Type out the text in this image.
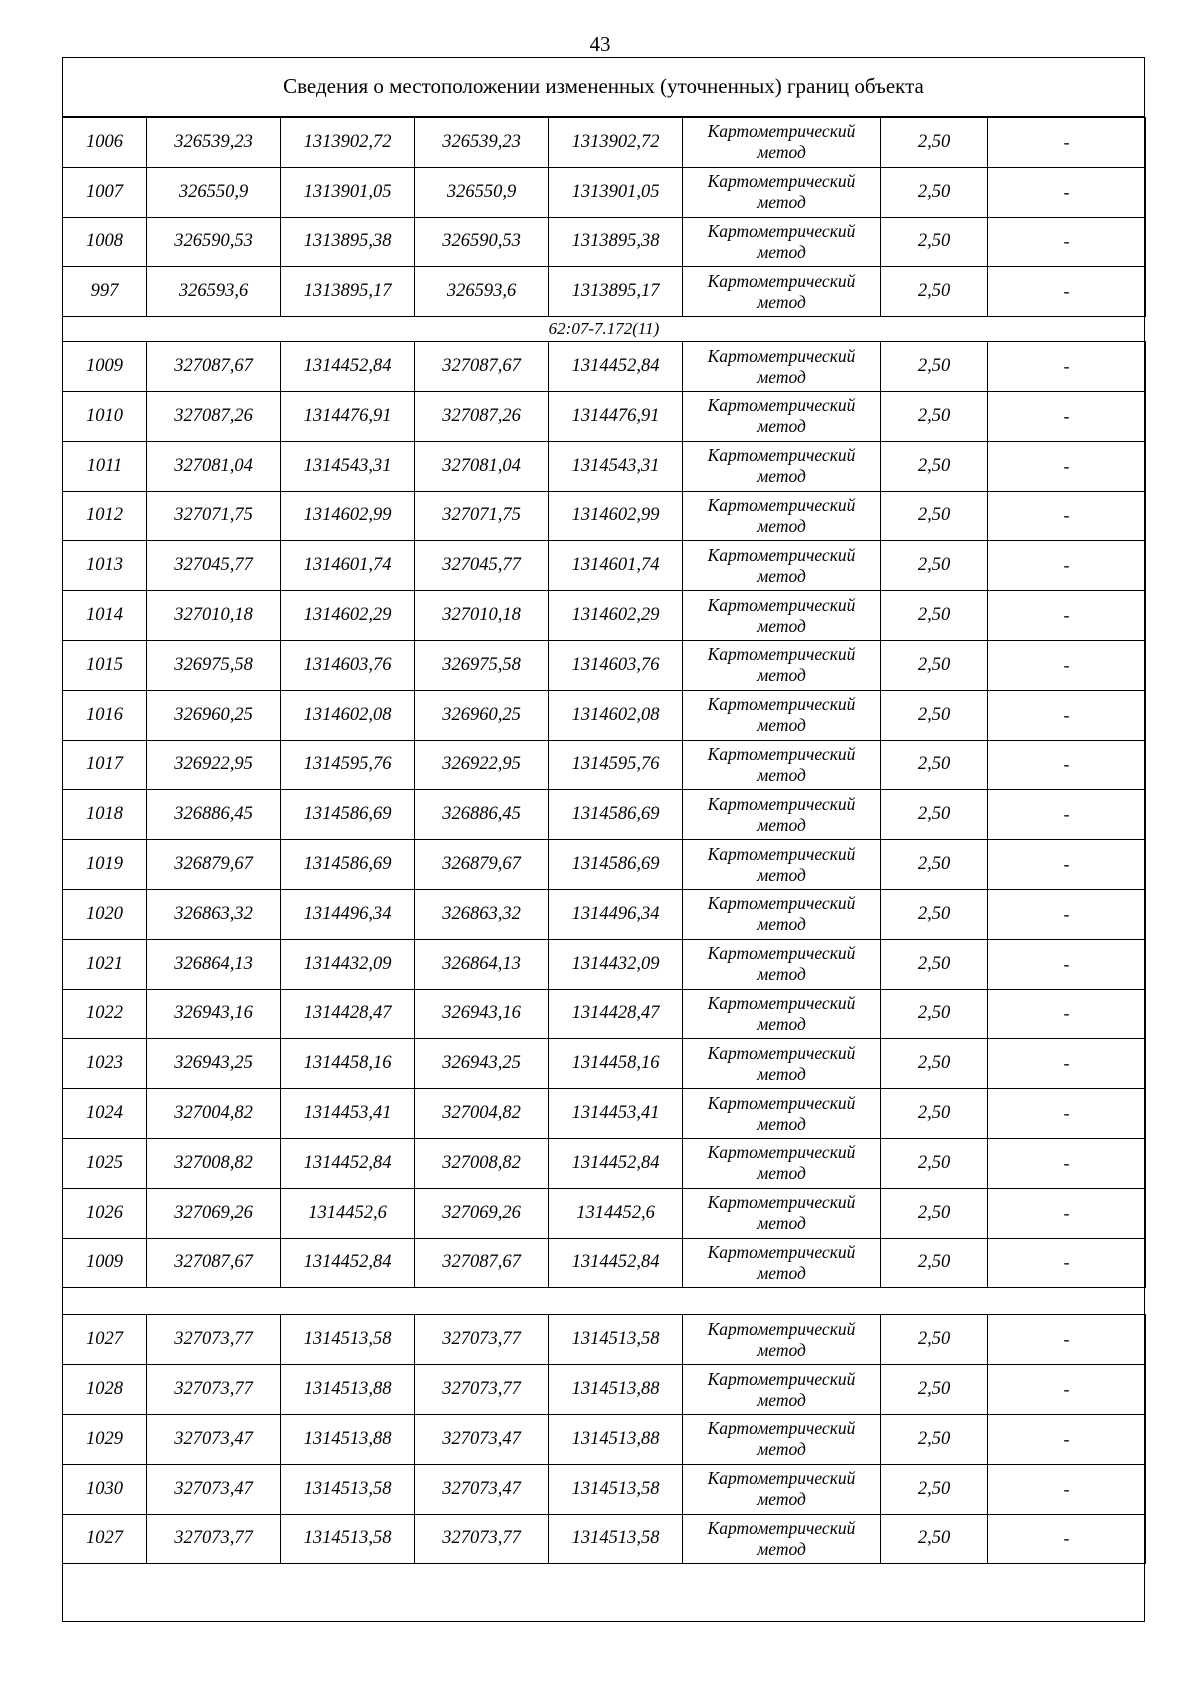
43
Сведения о местоположении измененных (уточненных) границ объекта
1006	326539,23	1313902,72	326539,23	1313902,72	Картометрический метод	2,50	-
1007	326550,9	1313901,05	326550,9	1313901,05	Картометрический метод	2,50	-
1008	326590,53	1313895,38	326590,53	1313895,38	Картометрический метод	2,50	-
997	326593,6	1313895,17	326593,6	1313895,17	Картометрический метод	2,50	-
62:07-7.172(11)							
1009	327087,67	1314452,84	327087,67	1314452,84	Картометрический метод	2,50	-
1010	327087,26	1314476,91	327087,26	1314476,91	Картометрический метод	2,50	-
1011	327081,04	1314543,31	327081,04	1314543,31	Картометрический метод	2,50	-
1012	327071,75	1314602,99	327071,75	1314602,99	Картометрический метод	2,50	-
1013	327045,77	1314601,74	327045,77	1314601,74	Картометрический метод	2,50	-
1014	327010,18	1314602,29	327010,18	1314602,29	Картометрический метод	2,50	-
1015	326975,58	1314603,76	326975,58	1314603,76	Картометрический метод	2,50	-
1016	326960,25	1314602,08	326960,25	1314602,08	Картометрический метод	2,50	-
1017	326922,95	1314595,76	326922,95	1314595,76	Картометрический метод	2,50	-
1018	326886,45	1314586,69	326886,45	1314586,69	Картометрический метод	2,50	-
1019	326879,67	1314586,69	326879,67	1314586,69	Картометрический метод	2,50	-
1020	326863,32	1314496,34	326863,32	1314496,34	Картометрический метод	2,50	-
1021	326864,13	1314432,09	326864,13	1314432,09	Картометрический метод	2,50	-
1022	326943,16	1314428,47	326943,16	1314428,47	Картометрический метод	2,50	-
1023	326943,25	1314458,16	326943,25	1314458,16	Картометрический метод	2,50	-
1024	327004,82	1314453,41	327004,82	1314453,41	Картометрический метод	2,50	-
1025	327008,82	1314452,84	327008,82	1314452,84	Картометрический метод	2,50	-
1026	327069,26	1314452,6	327069,26	1314452,6	Картометрический метод	2,50	-
1009	327087,67	1314452,84	327087,67	1314452,84	Картометрический метод	2,50	-

1027	327073,77	1314513,58	327073,77	1314513,58	Картометрический метод	2,50	-
1028	327073,77	1314513,88	327073,77	1314513,88	Картометрический метод	2,50	-
1029	327073,47	1314513,88	327073,47	1314513,88	Картометрический метод	2,50	-
1030	327073,47	1314513,58	327073,47	1314513,58	Картометрический метод	2,50	-
1027	327073,77	1314513,58	327073,77	1314513,58	Картометрический метод	2,50	-
